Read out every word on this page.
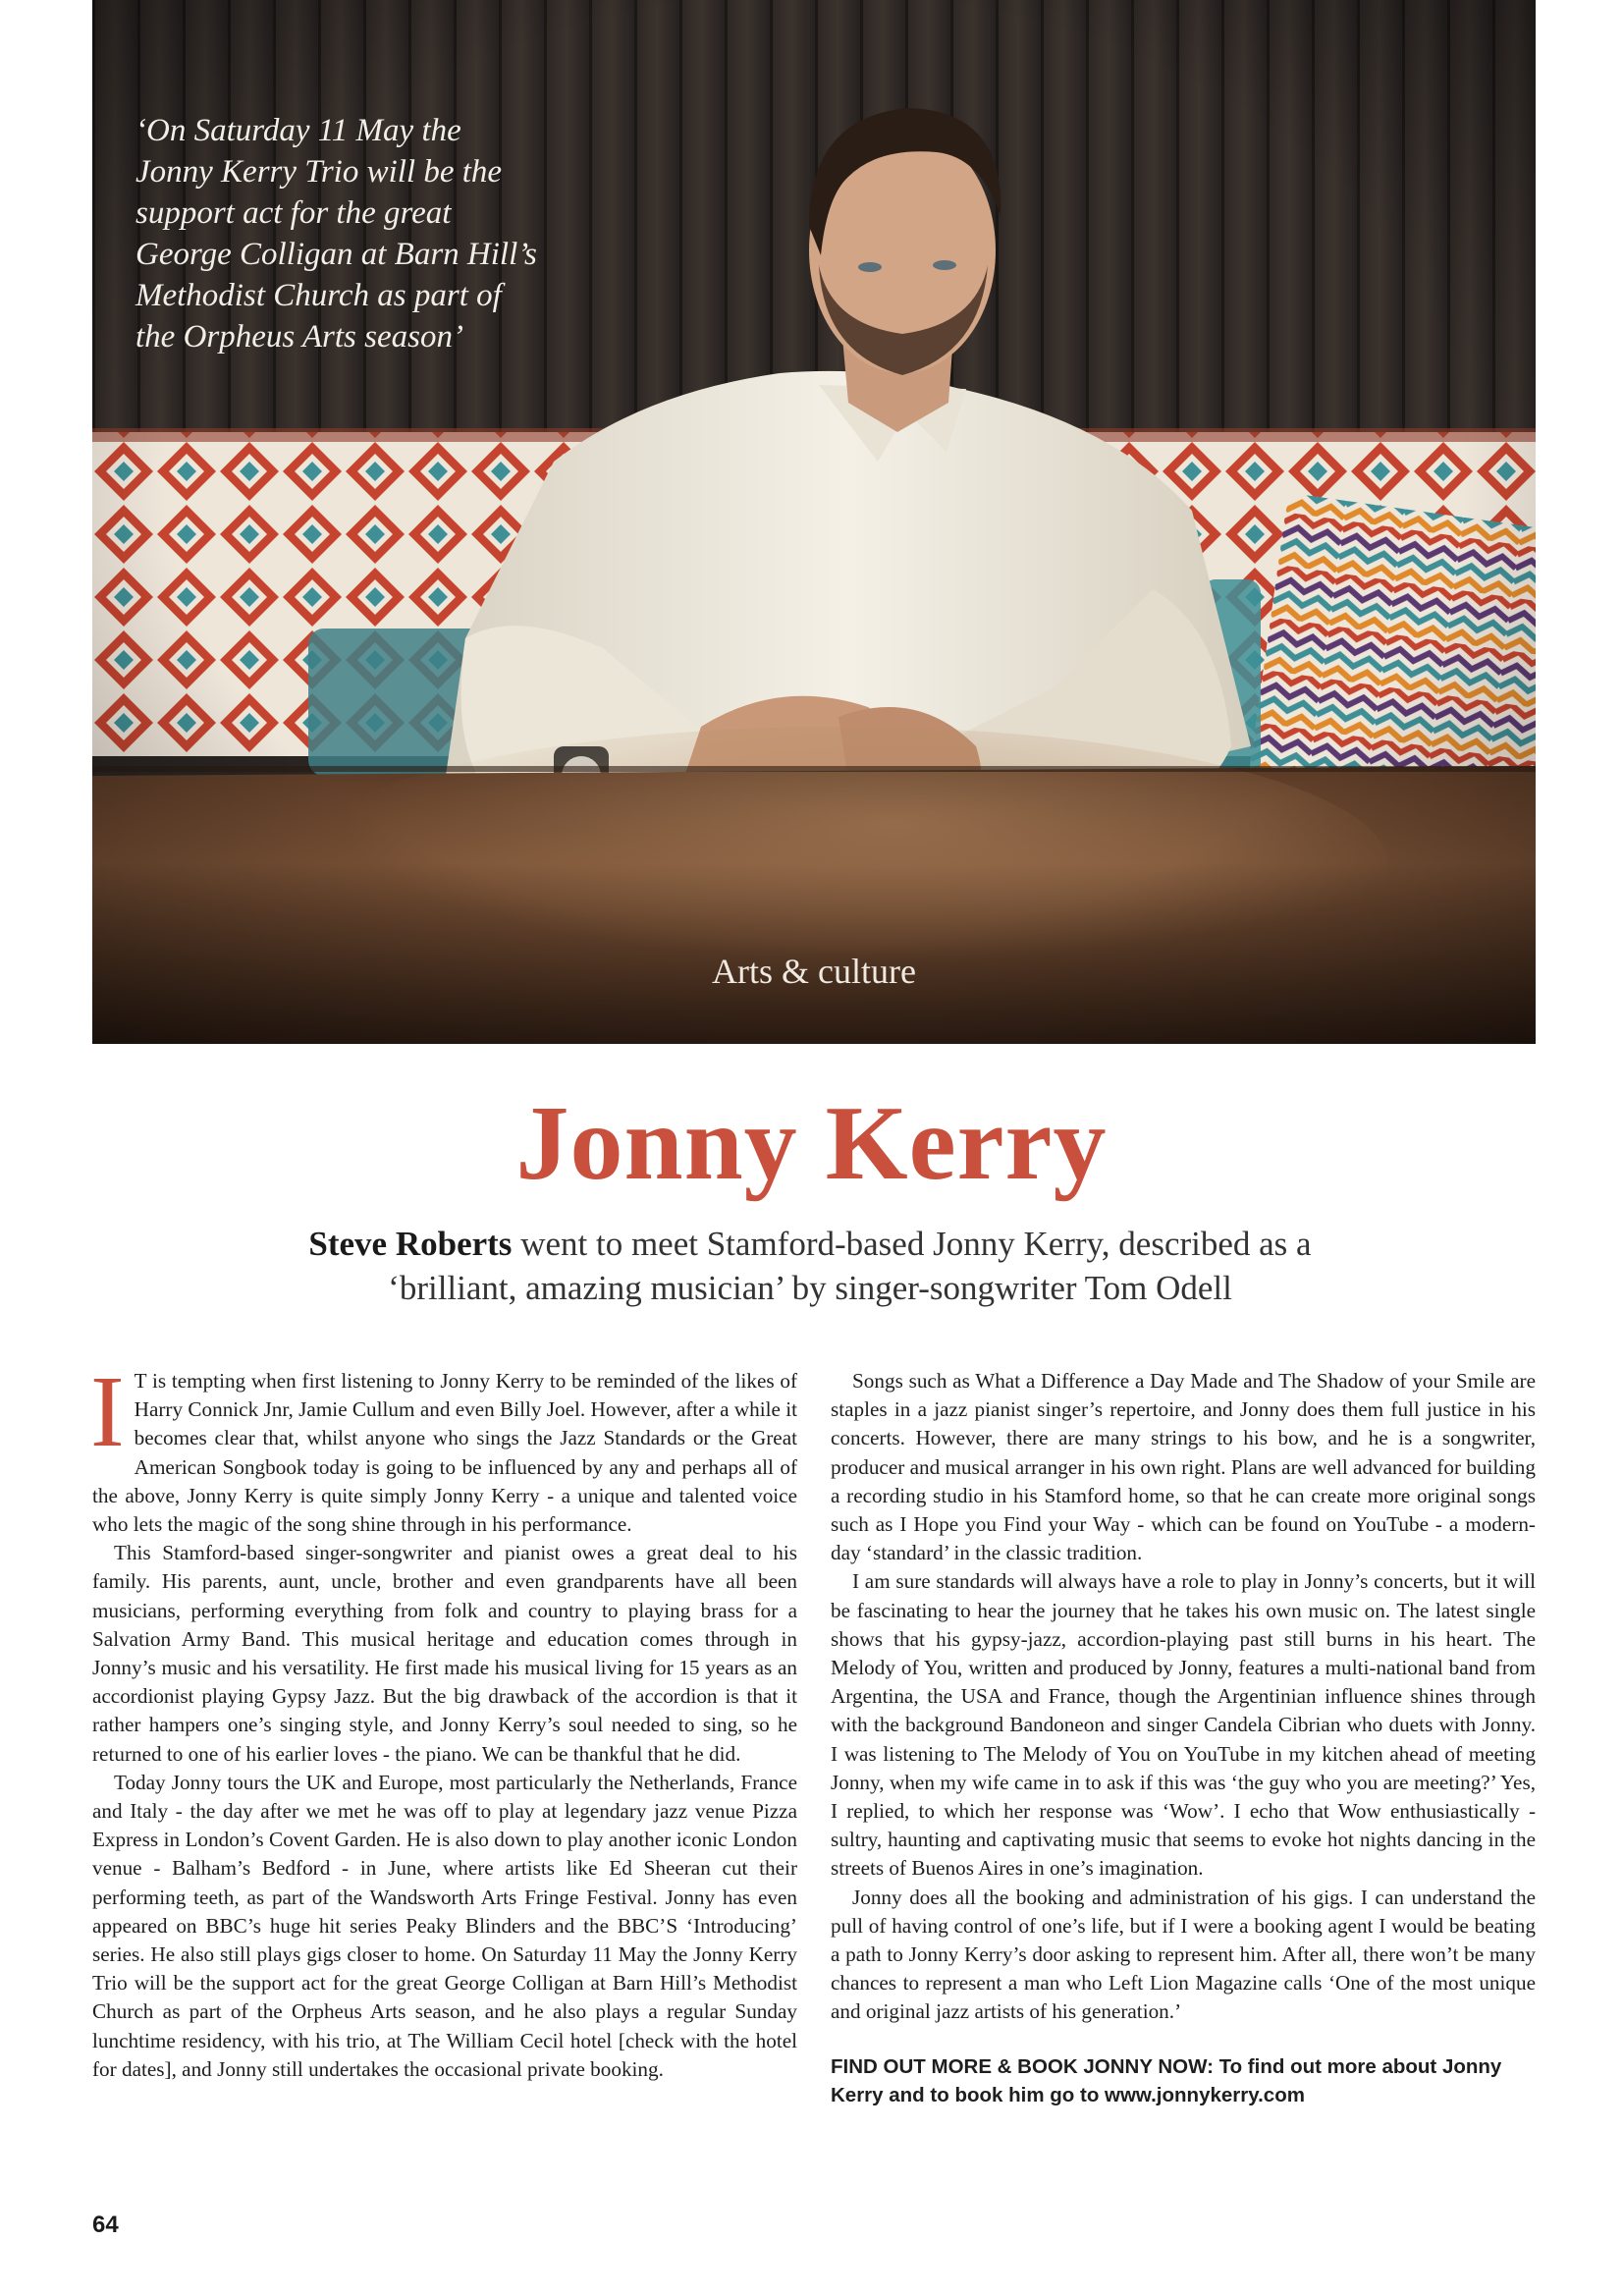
‘On Saturday 11 May the
Jonny Kerry Trio will be the
support act for the great
George Colligan at Barn Hill’s
Methodist Church as part of
the Orpheus Arts season’
Arts & culture
Jonny Kerry

Steve Roberts went to meet Stamford-based Jonny Kerry, described as a ‘brilliant, amazing musician’ by singer-songwriter Tom Odell

I T is tempting when first listening to Jonny Kerry to be reminded of the likes of Harry Connick Jnr, Jamie Cullum and even Billy Joel. However, after a while it becomes clear that, whilst anyone who sings the Jazz Standards or the Great American Songbook today is going to be influenced by any and perhaps all of the above, Jonny Kerry is quite simply Jonny Kerry - a unique and talented voice who lets the magic of the song shine through in his performance.

This Stamford-based singer-songwriter and pianist owes a great deal to his family. His parents, aunt, uncle, brother and even grandparents have all been musicians, performing everything from folk and country to playing brass for a Salvation Army Band. This musical heritage and education comes through in Jonny’s music and his versatility. He first made his musical living for 15 years as an accordionist playing Gypsy Jazz. But the big drawback of the accordion is that it rather hampers one’s singing style, and Jonny Kerry’s soul needed to sing, so he returned to one of his earlier loves - the piano. We can be thankful that he did.

Today Jonny tours the UK and Europe, most particularly the Netherlands, France and Italy - the day after we met he was off to play at legendary jazz venue Pizza Express in London’s Covent Garden. He is also down to play another iconic London venue - Balham’s Bedford - in June, where artists like Ed Sheeran cut their performing teeth, as part of the Wandsworth Arts Fringe Festival. Jonny has even appeared on BBC’s huge hit series Peaky Blinders and the BBC’S ‘Introducing’ series. He also still plays gigs closer to home. On Saturday 11 May the Jonny Kerry Trio will be the support act for the great George Colligan at Barn Hill’s Methodist Church as part of the Orpheus Arts season, and he also plays a regular Sunday lunchtime residency, with his trio, at The William Cecil hotel [check with the hotel for dates], and Jonny still undertakes the occasional private booking.

Songs such as What a Difference a Day Made and The Shadow of your Smile are staples in a jazz pianist singer’s repertoire, and Jonny does them full justice in his concerts. However, there are many strings to his bow, and he is a songwriter, producer and musical arranger in his own right. Plans are well advanced for building a recording studio in his Stamford home, so that he can create more original songs such as I Hope you Find your Way - which can be found on YouTube - a modern-day ‘standard’ in the classic tradition.

I am sure standards will always have a role to play in Jonny’s concerts, but it will be fascinating to hear the journey that he takes his own music on. The latest single shows that his gypsy-jazz, accordion-playing past still burns in his heart. The Melody of You, written and produced by Jonny, features a multi-national band from Argentina, the USA and France, though the Argentinian influence shines through with the background Bandoneon and singer Candela Cibrian who duets with Jonny. I was listening to The Melody of You on YouTube in my kitchen ahead of meeting Jonny, when my wife came in to ask if this was ‘the guy who you are meeting?’ Yes, I replied, to which her response was ‘Wow’. I echo that Wow enthusiastically - sultry, haunting and captivating music that seems to evoke hot nights dancing in the streets of Buenos Aires in one’s imagination.

Jonny does all the booking and administration of his gigs. I can understand the pull of having control of one’s life, but if I were a booking agent I would be beating a path to Jonny Kerry’s door asking to represent him. After all, there won’t be many chances to represent a man who Left Lion Magazine calls ‘One of the most unique and original jazz artists of his generation.’

FIND OUT MORE & BOOK JONNY NOW: To find out more about Jonny Kerry and to book him go to www.jonnykerry.com

64
